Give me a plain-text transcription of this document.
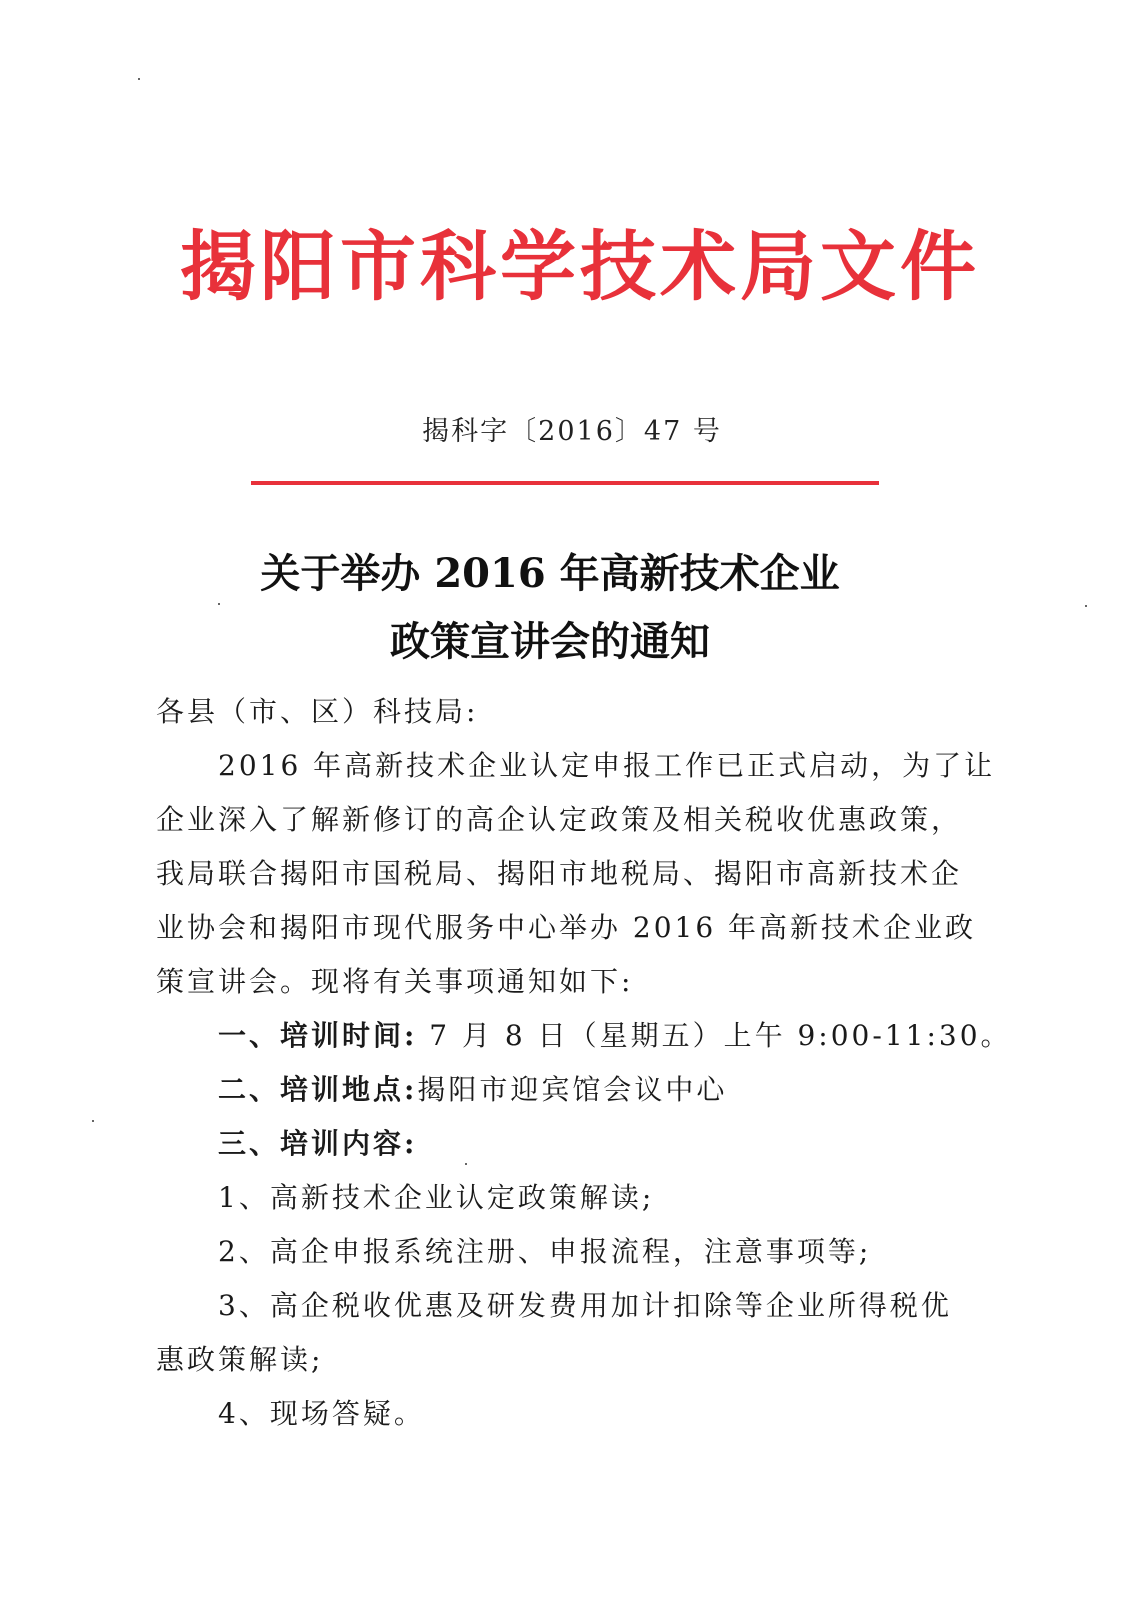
揭阳市科学技术局文件
揭科字〔2016〕47 号
关于举办 2016 年高新技术企业
政策宣讲会的通知
各县（市、区）科技局:
2016 年高新技术企业认定申报工作已正式启动，为了让
企业深入了解新修订的高企认定政策及相关税收优惠政策，
我局联合揭阳市国税局、揭阳市地税局、揭阳市高新技术企
业协会和揭阳市现代服务中心举办 2016 年高新技术企业政
策宣讲会。现将有关事项通知如下:
一、培训时间: 7 月 8 日（星期五）上午 9:00-11:30。
二、培训地点:揭阳市迎宾馆会议中心
三、培训内容:
1、高新技术企业认定政策解读;
2、高企申报系统注册、申报流程，注意事项等;
3、高企税收优惠及研发费用加计扣除等企业所得税优
惠政策解读;
4、现场答疑。
